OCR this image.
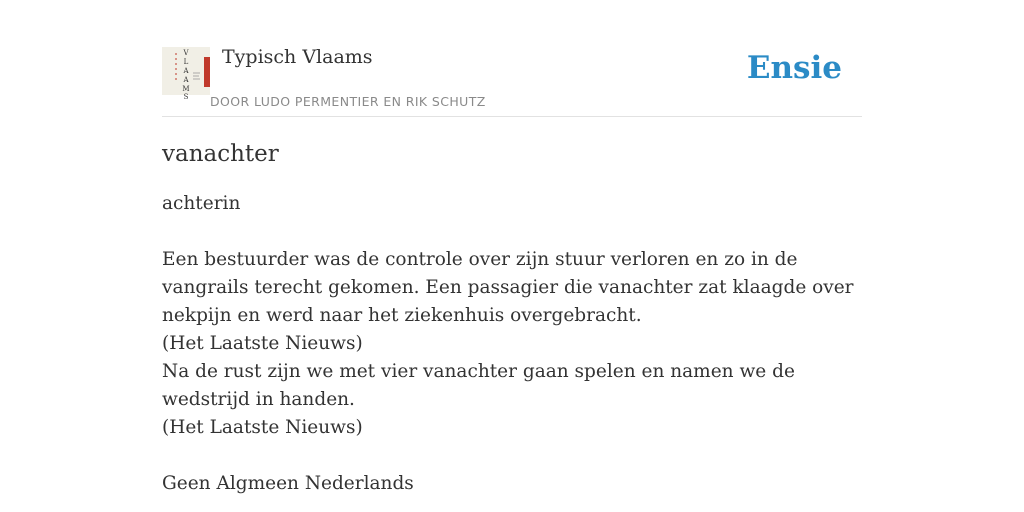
V
L
A
A
M
S
Typisch Vlaams
DOOR LUDO PERMENTIER EN RIK SCHUTZ
Ensie
vanachter

achterin

Een bestuurder was de controle over zijn stuur verloren en zo in de vangrails terecht gekomen. Een passagier die vanachter zat klaagde over nekpijn en werd naar het ziekenhuis overgebracht.

(Het Laatste Nieuws)

Na de rust zijn we met vier vanachter gaan spelen en namen we de wedstrijd in handen.

(Het Laatste Nieuws)

Geen Algmeen Nederlands
